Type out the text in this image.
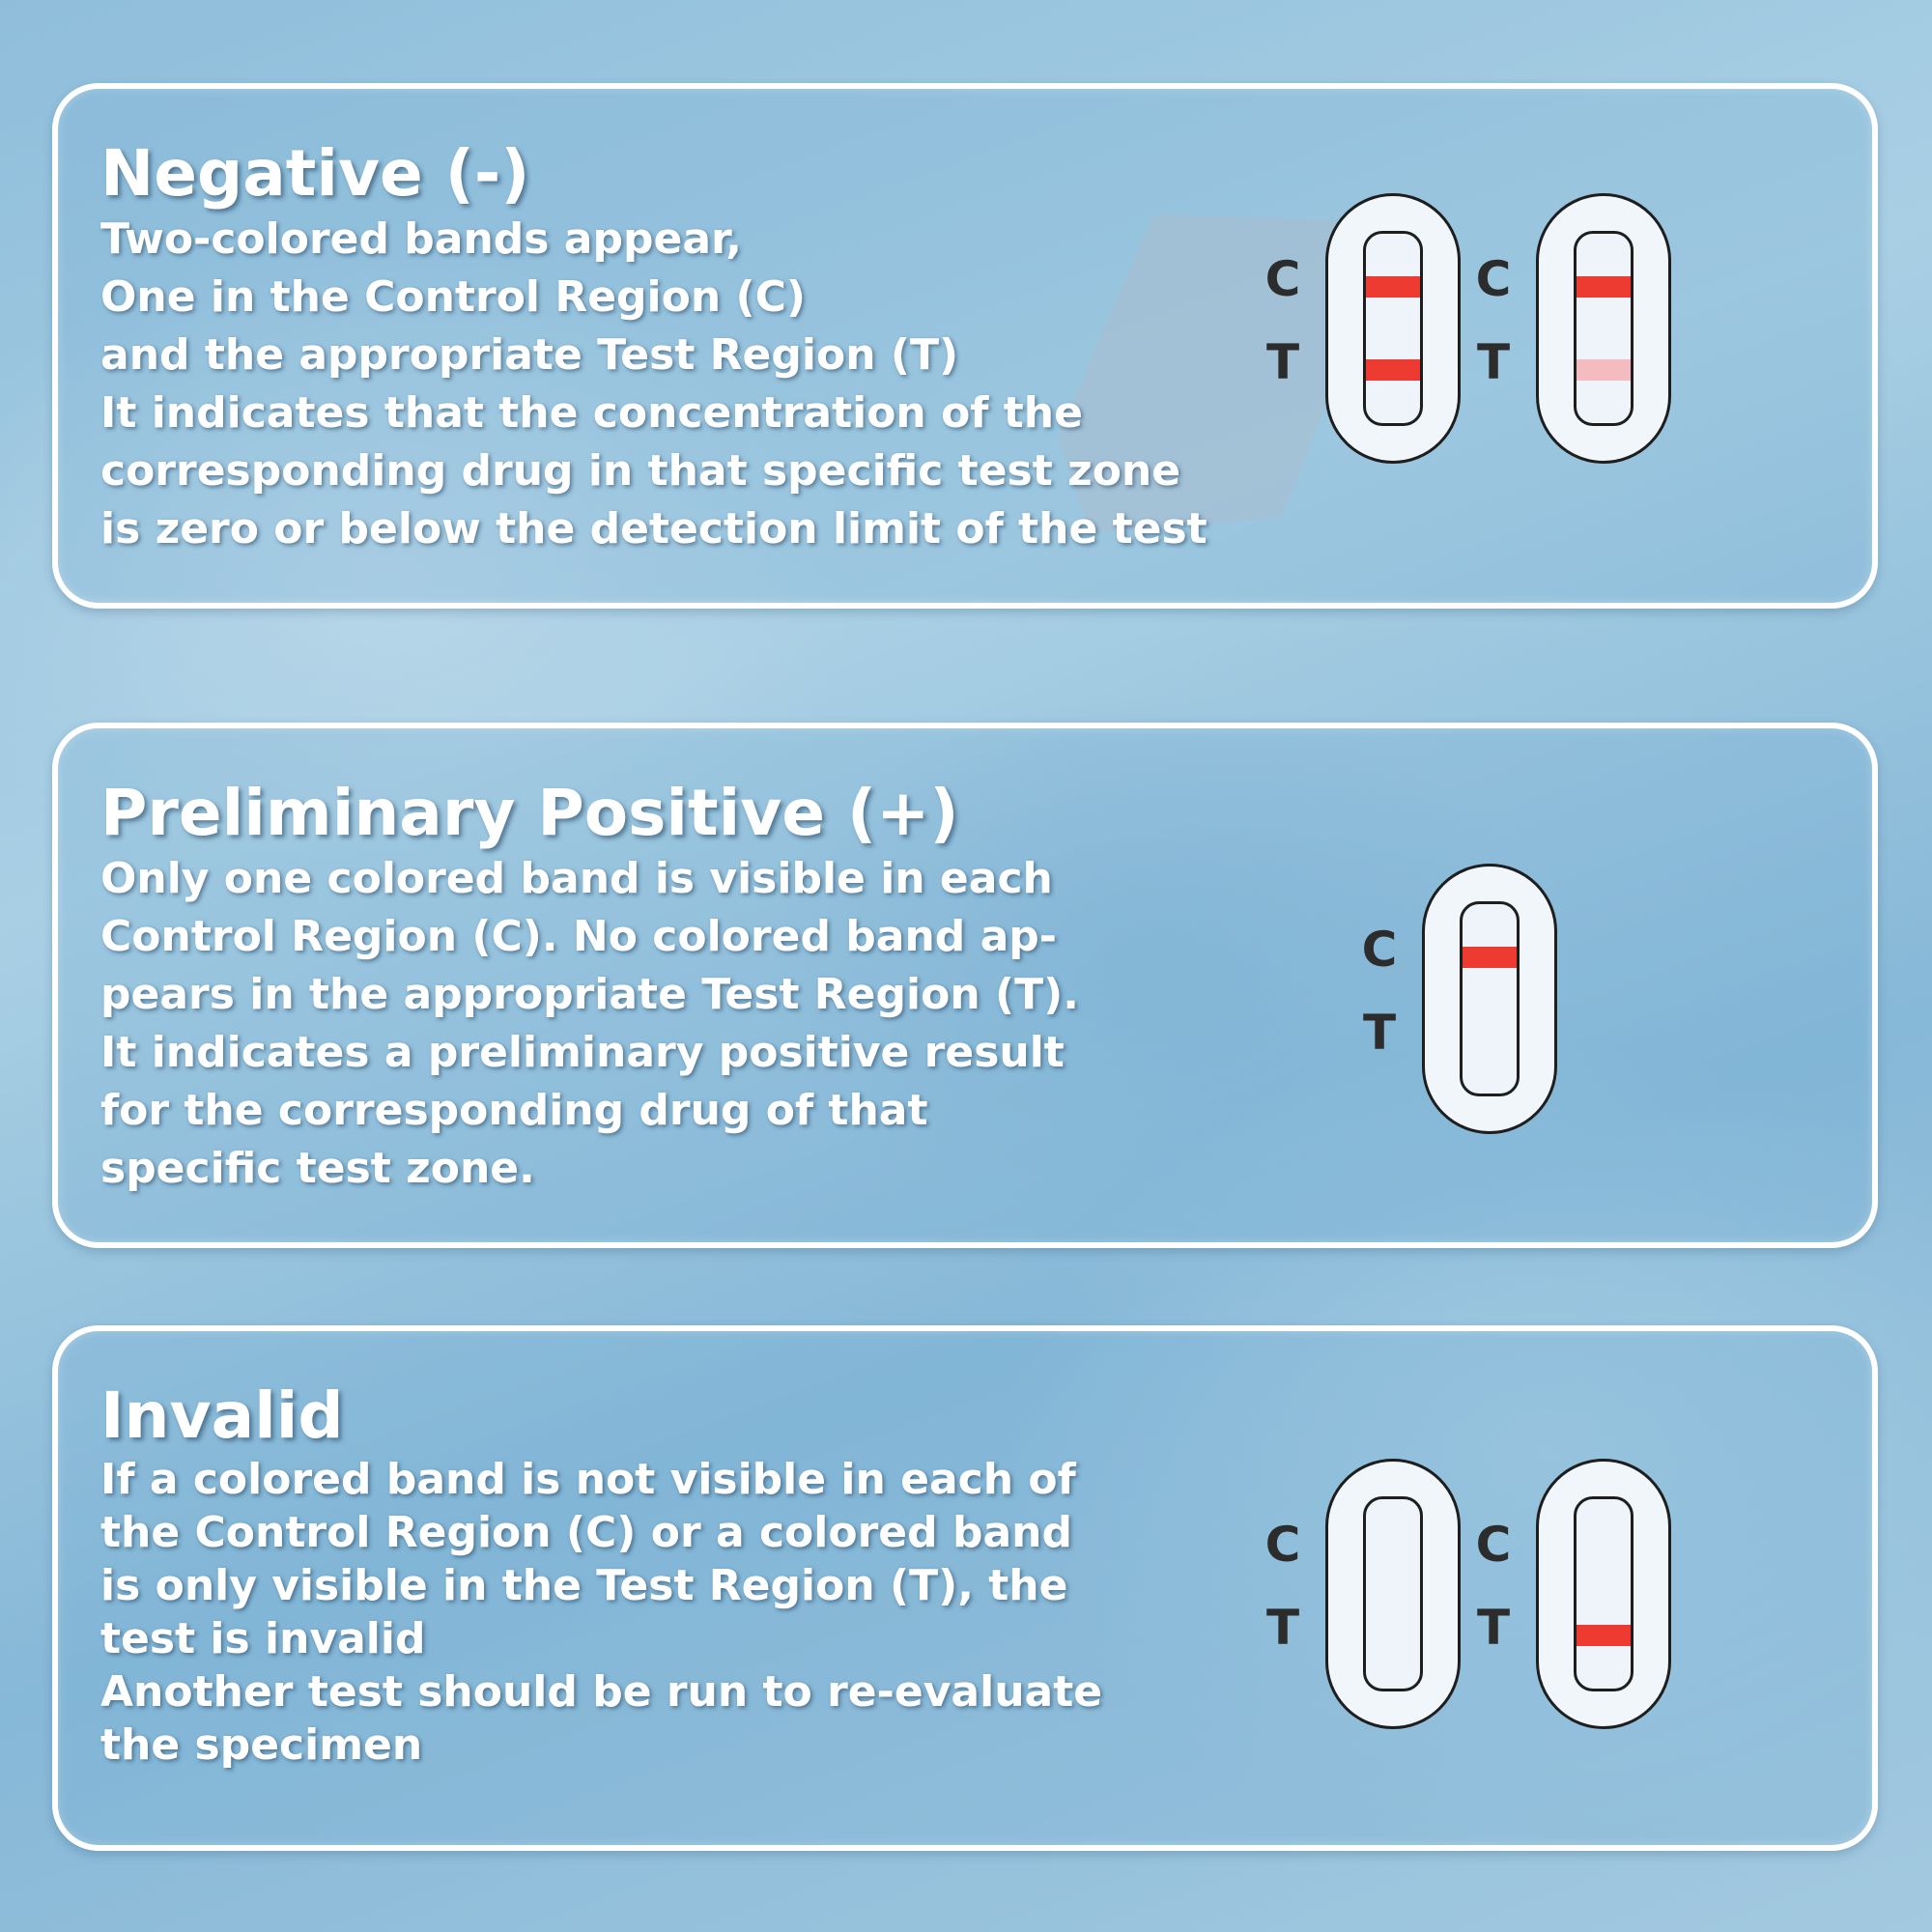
Negative (-)
Two-colored bands appear,
One in the Control Region (C)
and the appropriate Test Region (T)
It indicates that the concentration of the
corresponding drug in that specific test zone
is zero or below the detection limit of the test
C
T
C
T
Preliminary Positive (+)
Only one colored band is visible in each
Control Region (C). No colored band ap-
pears in the appropriate Test Region (T).
It indicates a preliminary positive result
for the corresponding drug of that
specific test zone.
C
T
Invalid
If a colored band is not visible in each of
the Control Region (C) or a colored band
is only visible in the Test Region (T), the
test is invalid
Another test should be run to re-evaluate
the specimen
C
T
C
T
